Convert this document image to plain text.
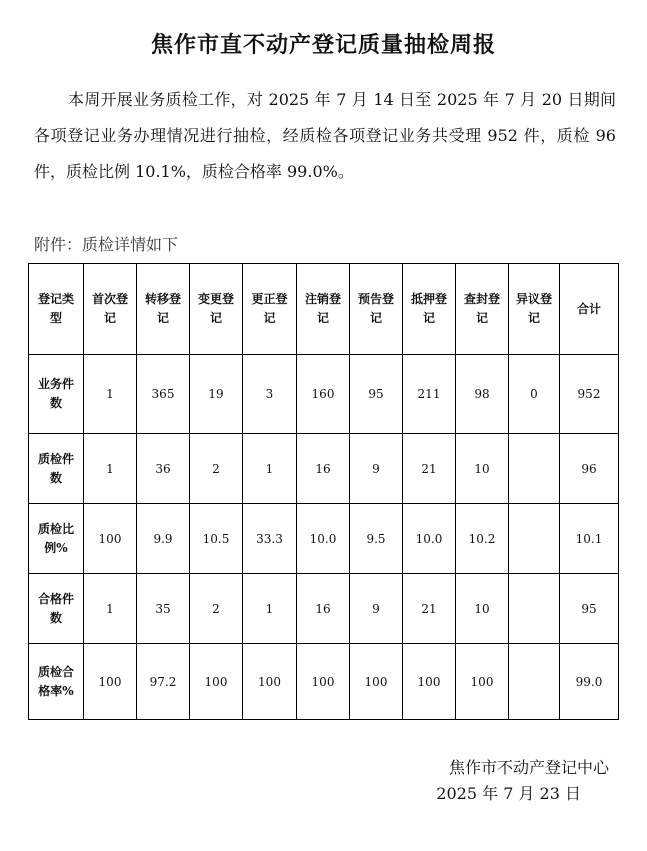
焦作市直不动产登记质量抽检周报

本周开展业务质检工作，对 2025 年 7 月 14 日至 2025 年 7 月 20 日期间各项登记业务办理情况进行抽检，经质检各项登记业务共受理 952 件，质检 96 件，质检比例 10.1%，质检合格率 99.0%。

附件：质检详情如下
登记类型	首次登记	转移登记	变更登记	更正登记	注销登记	预告登记	抵押登记	查封登记	异议登记	合计
业务件数	1	365	19	3	160	95	211	98	0	952
质检件数	1	36	2	1	16	9	21	10		96
质检比例%	100	9.9	10.5	33.3	10.0	9.5	10.0	10.2		10.1
合格件数	1	35	2	1	16	9	21	10		95
质检合格率%	100	97.2	100	100	100	100	100	100		99.0
焦作市不动产登记中心
2025 年 7 月 23 日
